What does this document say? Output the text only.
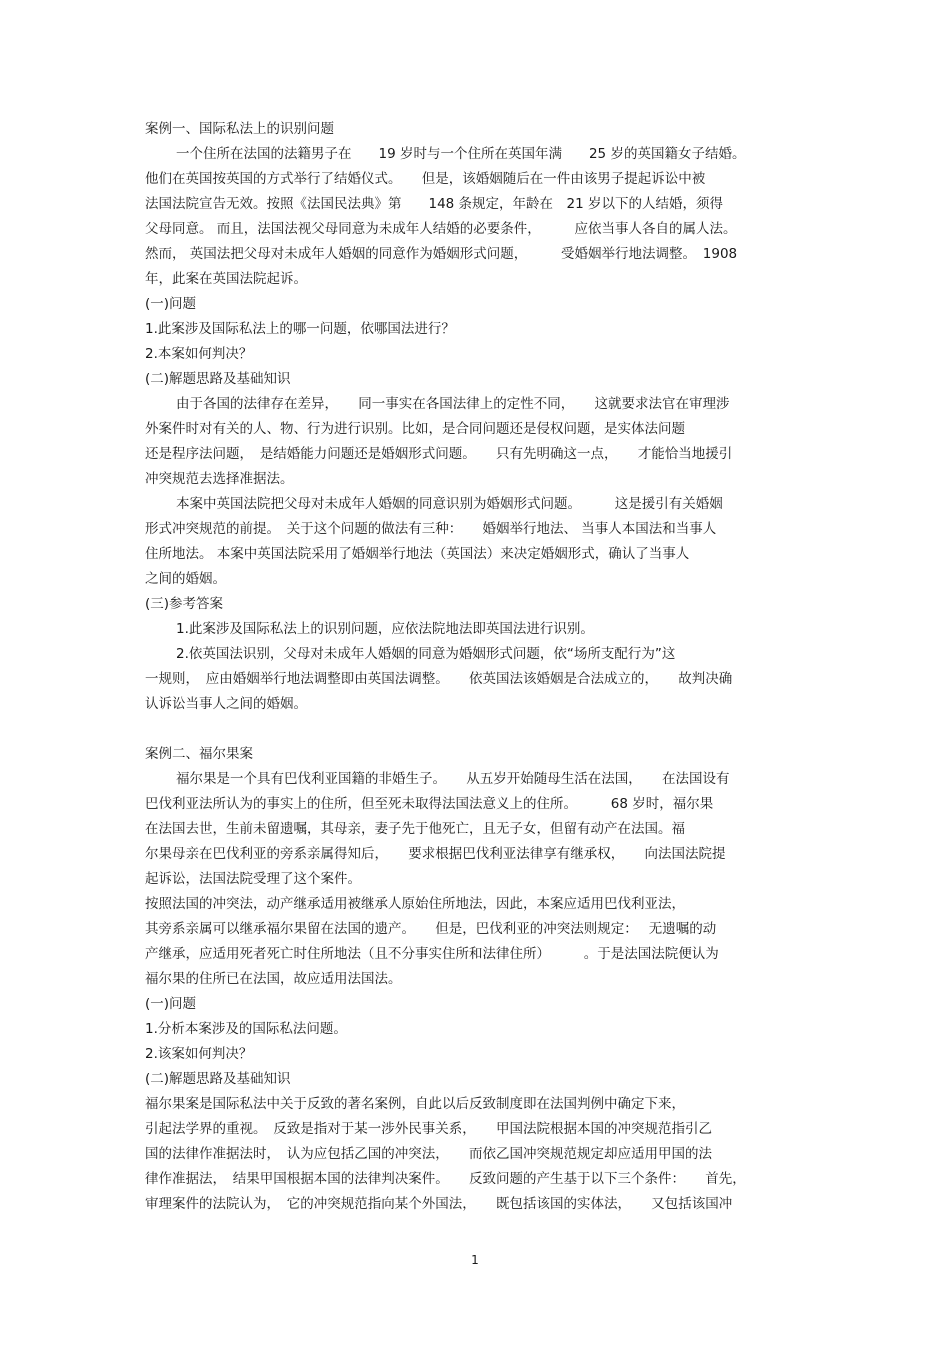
案例一、国际私法上的识别问题
一个住所在法国的法籍男子在　　19 岁时与一个住所在英国年满　　25 岁的英国籍女子结婚。
他们在英国按英国的方式举行了结婚仪式。　　但是，该婚姻随后在一件由该男子提起诉讼中被
法国法院宣告无效。按照《法国民法典》第　　148 条规定，年龄在　21 岁以下的人结婚，须得
父母同意。 而且，法国法视父母同意为未成年人结婚的必要条件，　　　应依当事人各自的属人法。
然而， 英国法把父母对未成年人婚姻的同意作为婚姻形式问题，　　　受婚姻举行地法调整。　1908
年，此案在英国法院起诉。
(一)问题
1.此案涉及国际私法上的哪一问题，依哪国法进行？
2.本案如何判决？
(二)解题思路及基础知识
由于各国的法律存在差异，　　同一事实在各国法律上的定性不同，　　这就要求法官在审理涉
外案件时对有关的人、物、行为进行识别。比如，是合同问题还是侵权问题，是实体法问题
还是程序法问题，　是结婚能力问题还是婚姻形式问题。　　只有先明确这一点，　　才能恰当地援引
冲突规范去选择准据法。
本案中英国法院把父母对未成年人婚姻的同意识别为婚姻形式问题。　　　这是援引有关婚姻
形式冲突规范的前提。　关于这个问题的做法有三种：　　婚姻举行地法、 当事人本国法和当事人
住所地法。 本案中英国法院采用了婚姻举行地法（英国法）来决定婚姻形式，确认了当事人
之间的婚姻。
(三)参考答案
1.此案涉及国际私法上的识别问题，应依法院地法即英国法进行识别。
2.依英国法识别，父母对未成年人婚姻的同意为婚姻形式问题，依“场所支配行为”这
一规则，　应由婚姻举行地法调整即由英国法调整。　　依英国法该婚姻是合法成立的，　　故判决确
认诉讼当事人之间的婚姻。
案例二、福尔果案
福尔果是一个具有巴伐利亚国籍的非婚生子。　　从五岁开始随母生活在法国，　　在法国设有
巴伐利亚法所认为的事实上的住所，但至死未取得法国法意义上的住所。　　　68 岁时，福尔果
在法国去世，生前未留遗嘱，其母亲，妻子先于他死亡，且无子女，但留有动产在法国。福
尔果母亲在巴伐利亚的旁系亲属得知后，　　要求根据巴伐利亚法律享有继承权，　　向法国法院提
起诉讼，法国法院受理了这个案件。
按照法国的冲突法，动产继承适用被继承人原始住所地法，因此，本案应适用巴伐利亚法，
其旁系亲属可以继承福尔果留在法国的遗产。　　但是，巴伐利亚的冲突法则规定：　 无遗嘱的动
产继承，应适用死者死亡时住所地法（且不分事实住所和法律住所）　　　。于是法国法院便认为
福尔果的住所已在法国，故应适用法国法。
(一)问题
1.分析本案涉及的国际私法问题。
2.该案如何判决？
(二)解题思路及基础知识
福尔果案是国际私法中关于反致的著名案例，自此以后反致制度即在法国判例中确定下来，
引起法学界的重视。　反致是指对于某一涉外民事关系，　　甲国法院根据本国的冲突规范指引乙
国的法律作准据法时，　认为应包括乙国的冲突法，　　而依乙国冲突规范规定却应适用甲国的法
律作准据法，　结果甲国根据本国的法律判决案件。　　反致问题的产生基于以下三个条件：　　首先，
审理案件的法院认为，　它的冲突规范指向某个外国法，　　既包括该国的实体法，　　又包括该国冲
1
